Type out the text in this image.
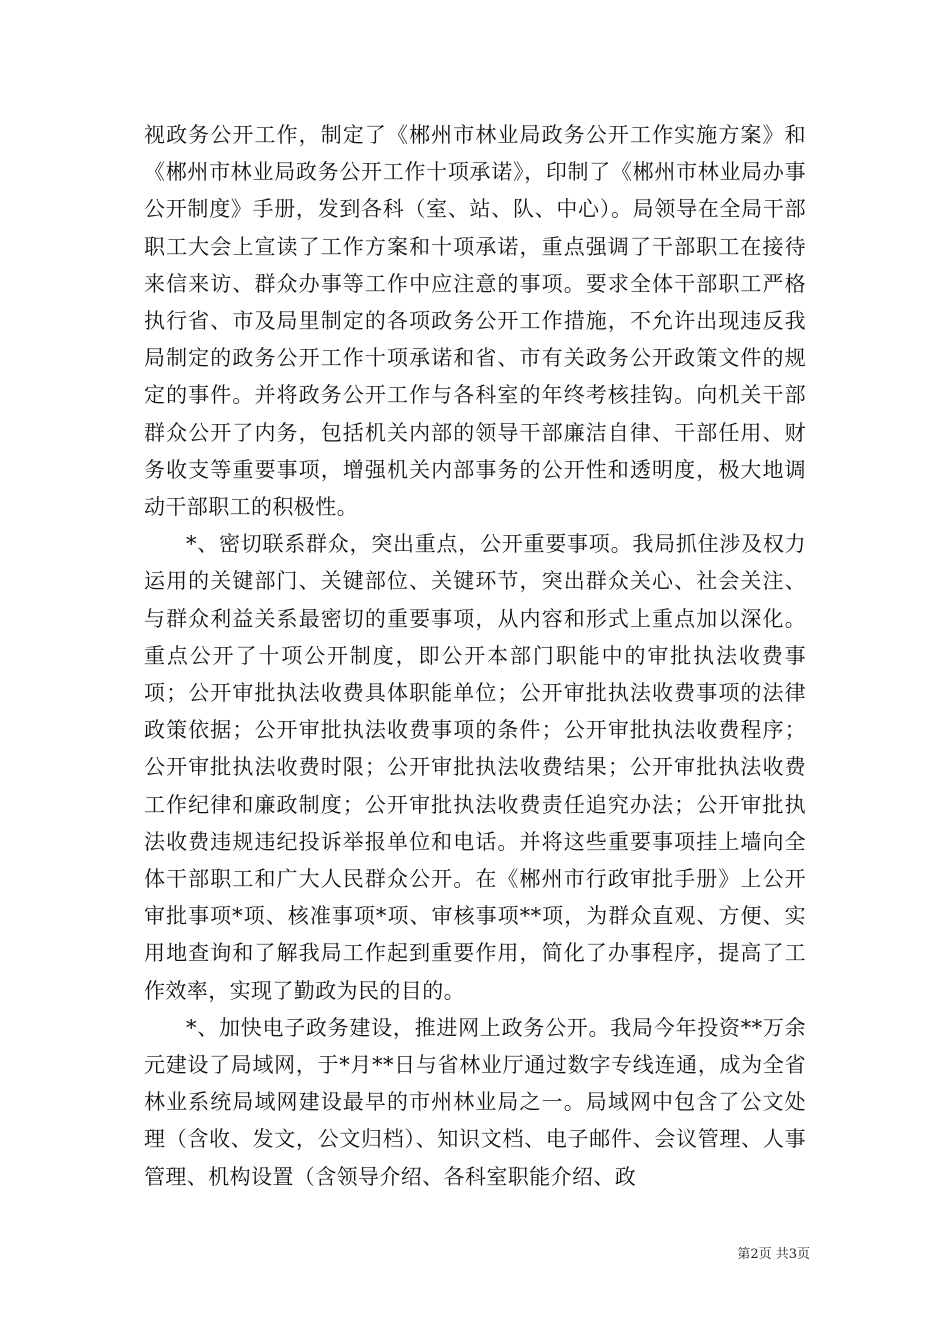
视政务公开工作，制定了《郴州市林业局政务公开工作实施方案》和《郴州市林业局政务公开工作十项承诺》，印制了《郴州市林业局办事公开制度》手册，发到各科（室、站、队、中心）。局领导在全局干部职工大会上宣读了工作方案和十项承诺，重点强调了干部职工在接待来信来访、群众办事等工作中应注意的事项。要求全体干部职工严格执行省、市及局里制定的各项政务公开工作措施，不允许出现违反我局制定的政务公开工作十项承诺和省、市有关政务公开政策文件的规定的事件。并将政务公开工作与各科室的年终考核挂钩。向机关干部群众公开了内务，包括机关内部的领导干部廉洁自律、干部任用、财务收支等重要事项，增强机关内部事务的公开性和透明度，极大地调动干部职工的积极性。

*、密切联系群众，突出重点，公开重要事项。我局抓住涉及权力运用的关键部门、关键部位、关键环节，突出群众关心、社会关注、与群众利益关系最密切的重要事项，从内容和形式上重点加以深化。重点公开了十项公开制度，即公开本部门职能中的审批执法收费事项；公开审批执法收费具体职能单位；公开审批执法收费事项的法律政策依据；公开审批执法收费事项的条件；公开审批执法收费程序；公开审批执法收费时限；公开审批执法收费结果；公开审批执法收费工作纪律和廉政制度；公开审批执法收费责任追究办法；公开审批执法收费违规违纪投诉举报单位和电话。并将这些重要事项挂上墙向全体干部职工和广大人民群众公开。在《郴州市行政审批手册》上公开审批事项*项、核准事项*项、审核事项**项，为群众直观、方便、实用地查询和了解我局工作起到重要作用，简化了办事程序，提高了工作效率，实现了勤政为民的目的。

*、加快电子政务建设，推进网上政务公开。我局今年投资**万余元建设了局域网，于*月**日与省林业厅通过数字专线连通，成为全省林业系统局域网建设最早的市州林业局之一。局域网中包含了公文处理（含收、发文，公文归档）、知识文档、电子邮件、会议管理、人事管理、机构设置（含领导介绍、各科室职能介绍、政

第2页 共3页
